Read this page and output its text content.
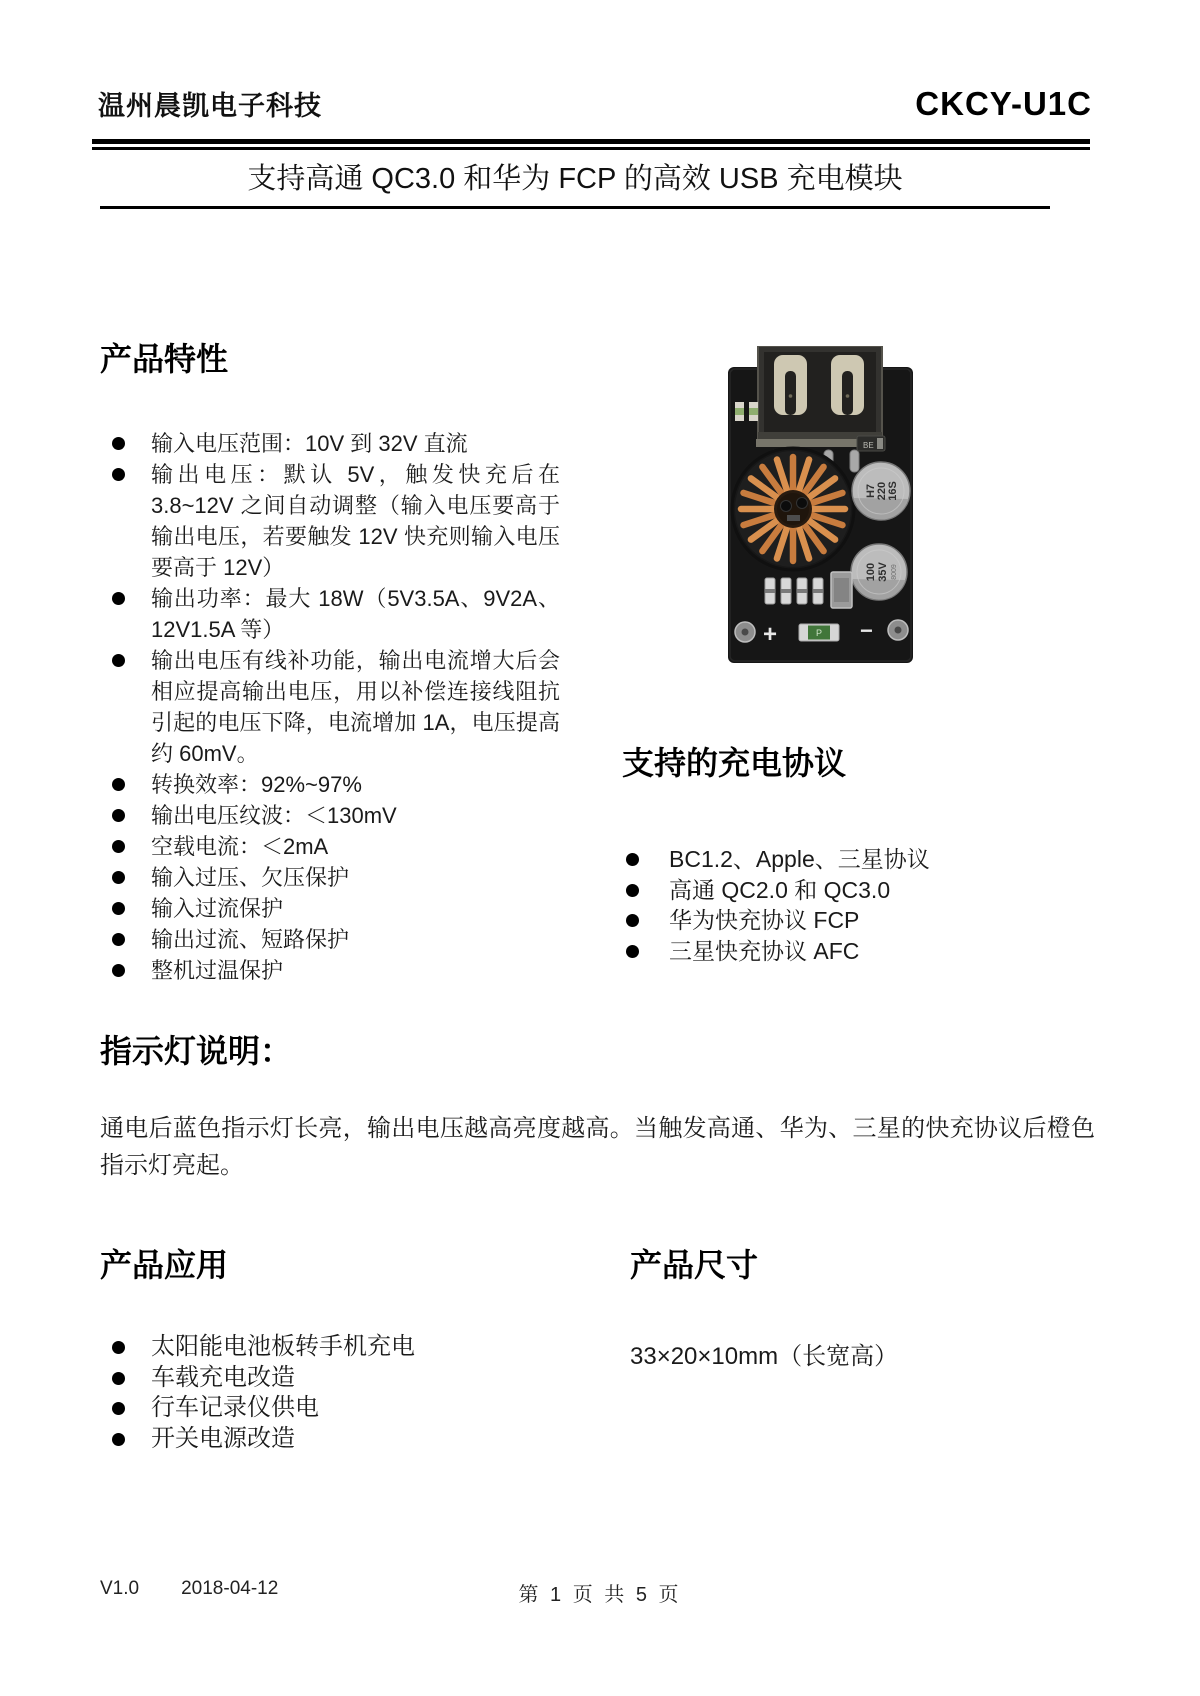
温州晨凯电子科技	CKCY-U1C
支持高通 QC3.0 和华为 FCP 的高效 USB 充电模块
产品特性
输入电压范围：10V 到 32V 直流
输出电压：默认 5V，触发快充后在 3.8~12V 之间自动调整（输入电压要高于输出电压，若要触发 12V 快充则输入电压要高于 12V）
输出功率：最大 18W（5V3.5A、9V2A、12V1.5A 等）
输出电压有线补功能，输出电流增大后会相应提高输出电压，用以补偿连接线阻抗引起的电压下降，电流增加 1A，电压提高约 60mV。
转换效率：92%~97%
输出电压纹波：＜130mV
空载电流：＜2mA
输入过压、欠压保护
输入过流保护
输出过流、短路保护
整机过温保护
BE
H7 220 16S
100 35V 8009
+	−
P
支持的充电协议
BC1.2、Apple、三星协议
高通 QC2.0 和 QC3.0
华为快充协议 FCP
三星快充协议 AFC
指示灯说明：

通电后蓝色指示灯长亮，输出电压越高亮度越高。当触发高通、华为、三星的快充协议后橙色指示灯亮起。

产品应用
太阳能电池板转手机充电
车载充电改造
行车记录仪供电
开关电源改造
产品尺寸
33×20×10mm（长宽高）
V1.0 2018-04-12	第 1 页 共 5 页
